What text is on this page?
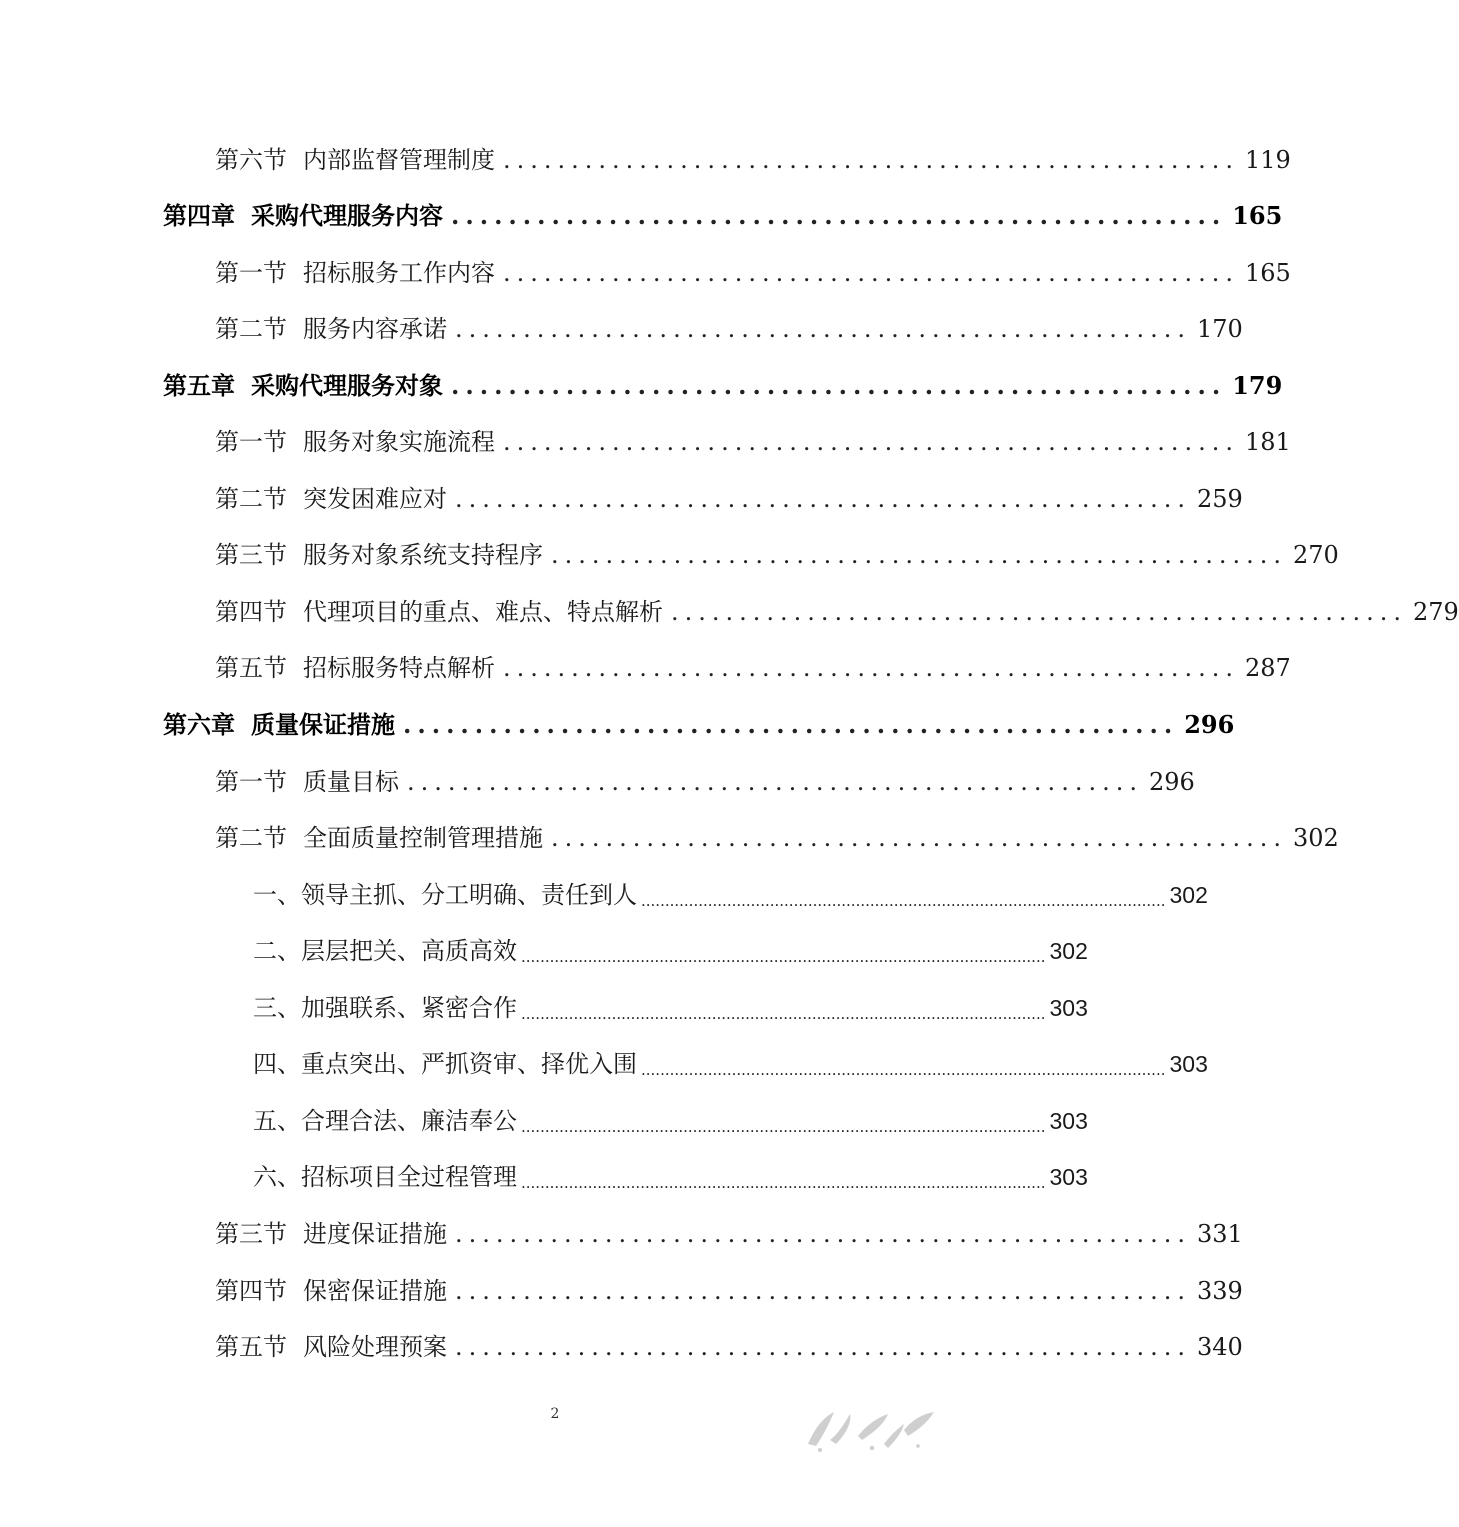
第六节 内部监督管理制度 ...................................................... 119
第四章 采购代理服务内容 ...................................................... 165
第一节 招标服务工作内容 ...................................................... 165
第二节 服务内容承诺 ...................................................... 170
第五章 采购代理服务对象 ...................................................... 179
第一节 服务对象实施流程 ...................................................... 181
第二节 突发困难应对 ...................................................... 259
第三节 服务对象系统支持程序 ...................................................... 270
第四节 代理项目的重点、难点、特点解析 ...................................................... 279
第五节 招标服务特点解析 ...................................................... 287
第六章 质量保证措施 ...................................................... 296
第一节 质量目标 ...................................................... 296
第二节 全面质量控制管理措施 ...................................................... 302
一、领导主抓、分工明确、责任到人 .............................................................................................................. 302
二、层层把关、高质高效 .............................................................................................................. 302
三、加强联系、紧密合作 .............................................................................................................. 303
四、重点突出、严抓资审、择优入围 .............................................................................................................. 303
五、合理合法、廉洁奉公 .............................................................................................................. 303
六、招标项目全过程管理 .............................................................................................................. 303
第三节 进度保证措施 ...................................................... 331
第四节 保密保证措施 ...................................................... 339
第五节 风险处理预案 ...................................................... 340
2
